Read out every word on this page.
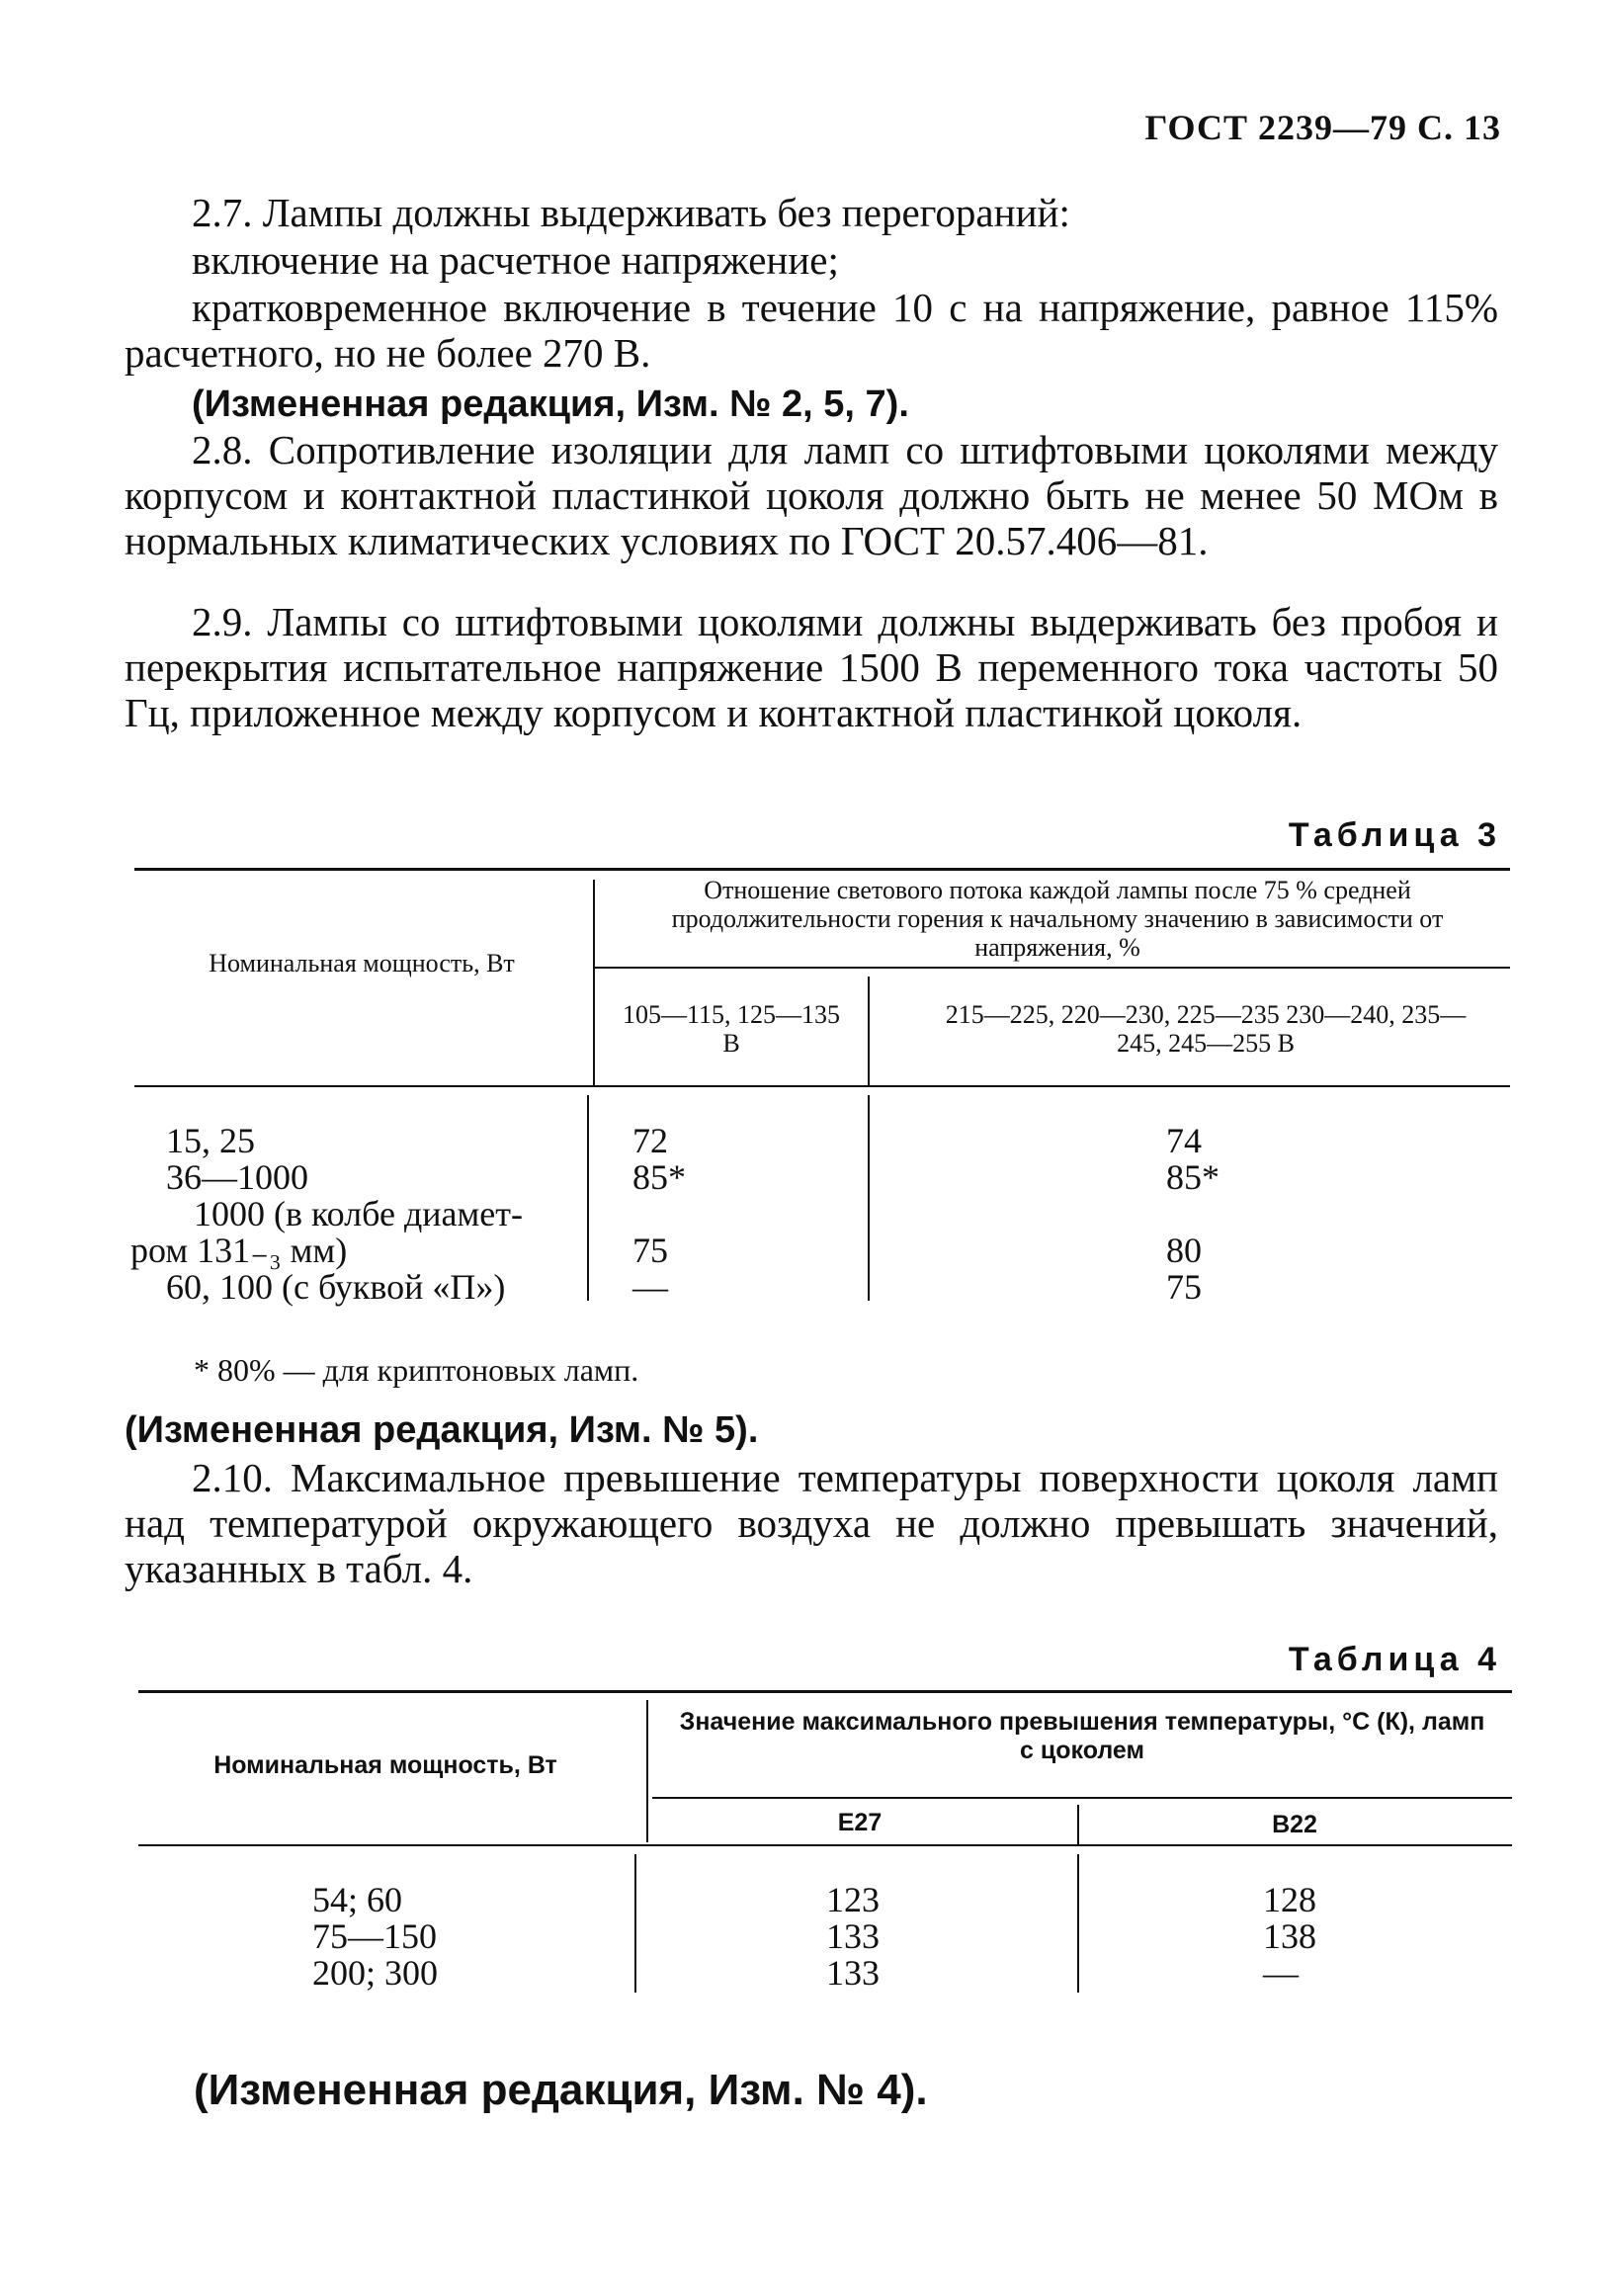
ГОСТ 2239—79 С. 13
2.7. Лампы должны выдерживать без перегораний:
включение на расчетное напряжение;
кратковременное включение в течение 10 с на напряжение, равное 115% расчетного, но не более 270 В.
(Измененная редакция, Изм. № 2, 5, 7).
2.8. Сопротивление изоляции для ламп со штифтовыми цоколями между корпусом и контактной пластинкой цоколя должно быть не менее 50 МОм в нормальных климатических условиях по ГОСТ 20.57.406—81.
2.9. Лампы со штифтовыми цоколями должны выдерживать без пробоя и перекрытия испытательное напряжение 1500 В переменного тока частоты 50 Гц, приложенное между корпусом и контактной пластинкой цоколя.
Таблица 3
Номинальная мощность, Вт
Отношение светового потока каждой лампы после 75 % средней продолжительности горения к начальному значению в зависимости от напряжения, %
105—115, 125—135 В
215—225, 220—230, 225—235 230—240, 235—245, 245—255 В
15, 25
36—1000
1000 (в колбе диамет-
ром 131₋₃ мм)
60, 100 (с буквой «П»)
72
85*
75
—
74
85*
80
75
* 80% — для криптоновых ламп.
(Измененная редакция, Изм. № 5).
2.10. Максимальное превышение температуры поверхности цоколя ламп над температурой окружающего воздуха не должно превышать значений, указанных в табл. 4.
Таблица 4
Номинальная мощность, Вт
Значение максимального превышения температуры, °С (К), ламп с цоколем
E27	B22
54; 60
75—150
200; 300
123
133
133
128
138
—
(Измененная редакция, Изм. № 4).
